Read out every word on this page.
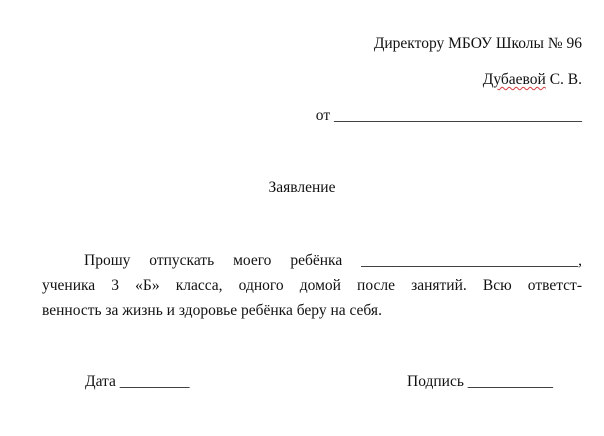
Директору МБОУ Школы № 96
Дубаевой С. В.
от ________________________________
Заявление
Прошу отпускать моего ребёнка ____________________________,
ученика 3 «Б» класса, одного домой после занятий. Всю ответст-
венность за жизнь и здоровье ребёнка беру на себя.
Дата _________	Подпись ___________
